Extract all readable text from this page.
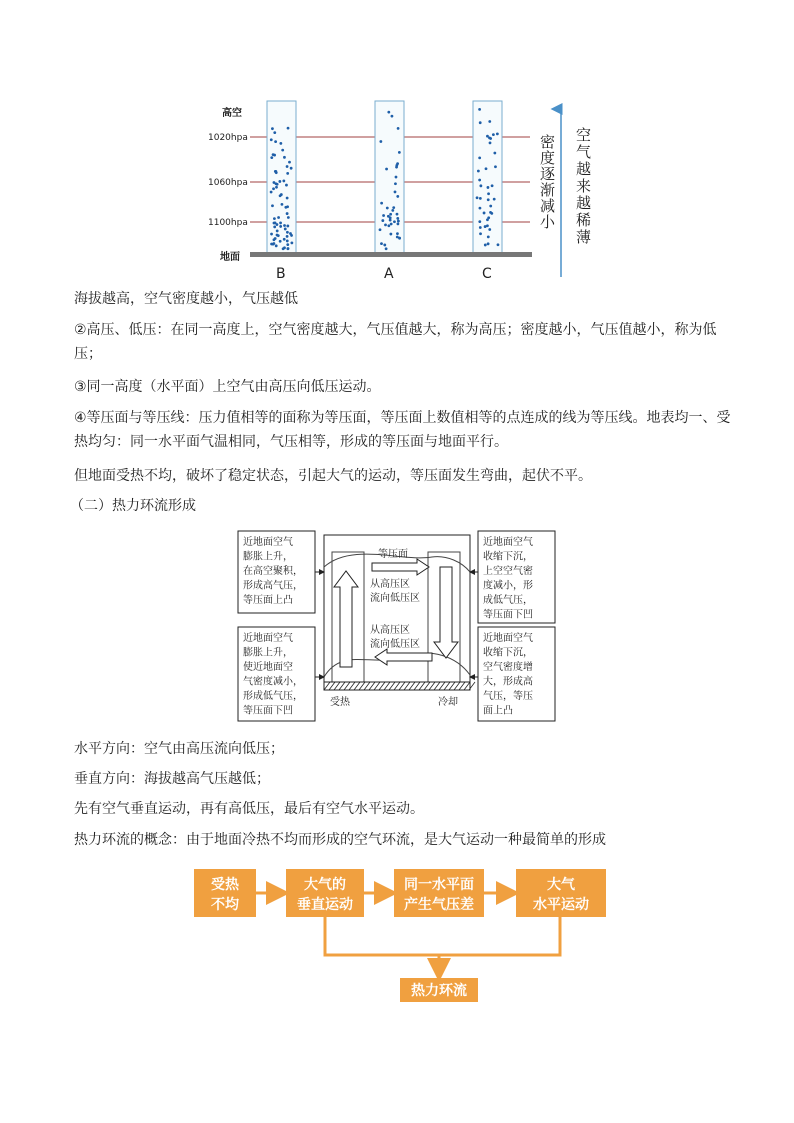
高空
1020hpa
1060hpa
1100hpa
地面
B	A	C
空气越来越稀薄
密度逐渐减小
海拔越高，空气密度越小，气压越低
②高压、低压：在同一高度上，空气密度越大，气压值越大，称为高压；密度越小，气压值越小，称为低压；
③同一高度（水平面）上空气由高压向低压运动。
④等压面与等压线：压力值相等的面称为等压面，等压面上数值相等的点连成的线为等压线。地表均一、受热均匀：同一水平面气温相同，气压相等，形成的等压面与地面平行。
但地面受热不均，破坏了稳定状态，引起大气的运动，等压面发生弯曲，起伏不平。
（二）热力环流形成
近地面空气
膨胀上升，
在高空聚积，
形成高气压，
等压面上凸
近地面空气
膨胀上升，
使近地面空
气密度减小，
形成低气压，
等压面下凹
近地面空气
收缩下沉，
上空空气密
度减小，形
成低气压，
等压面下凹
近地面空气
收缩下沉，
空气密度增
大，形成高
气压，等压
面上凸
等压面
从高压区
流向低压区
从高压区
流向低压区
受热	冷却
水平方向：空气由高压流向低压；
垂直方向：海拔越高气压越低；
先有空气垂直运动，再有高低压，最后有空气水平运动。
热力环流的概念：由于地面冷热不均而形成的空气环流，是大气运动一种最简单的形成
受热
不均
大气的
垂直运动
同一水平面
产生气压差
大气
水平运动
热力环流
